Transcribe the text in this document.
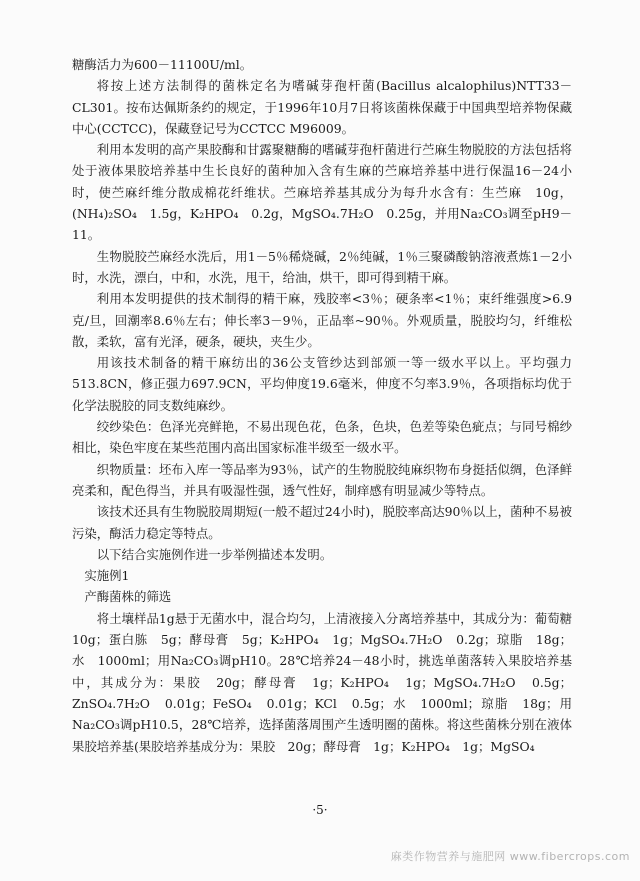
糖酶活力为600－11100U/ml。

将按上述方法制得的菌株定名为嗜碱芽孢杆菌(Bacillus alcalophilus)NTT33－CL301。按布达佩斯条约的规定，于1996年10月7日将该菌株保藏于中国典型培养物保藏中心(CCTCC)，保藏登记号为CCTCC M96009。

利用本发明的高产果胶酶和甘露聚糖酶的嗜碱芽孢杆菌进行苎麻生物脱胶的方法包括将处于液体果胶培养基中生长良好的菌种加入含有生麻的苎麻培养基中进行保温16－24小时，使苎麻纤维分散成棉花纤维状。苎麻培养基其成分为每升水含有：生苎麻　10g，(NH₄)₂SO₄　1.5g，K₂HPO₄　0.2g，MgSO₄.7H₂O　0.25g，并用Na₂CO₃调至pH9－11。

生物脱胶苎麻经水洗后，用1－5％稀烧碱，2％纯碱，1％三聚磷酸钠溶液煮炼1－2小时，水洗，漂白，中和，水洗，甩干，给油，烘干，即可得到精干麻。

利用本发明提供的技术制得的精干麻，残胶率<3％；硬条率<1％；束纤维强度>6.9克/旦，回潮率8.6％左右；伸长率3－9％，正品率~90％。外观质量，脱胶均匀，纤维松散，柔软，富有光泽，硬条，硬块，夹生少。

用该技术制备的精干麻纺出的36公支管纱达到部颁一等一级水平以上。平均强力513.8CN，修正强力697.9CN，平均伸度19.6毫米，伸度不匀率3.9％，各项指标均优于化学法脱胶的同支数纯麻纱。

绞纱染色：色泽光亮鲜艳，不易出现色花，色条，色块，色差等染色疵点；与同号棉纱相比，染色牢度在某些范围内高出国家标准半级至一级水平。

织物质量：坯布入库一等品率为93％，试产的生物脱胶纯麻织物布身挺括似绸，色泽鲜亮柔和，配色得当，并具有吸湿性强，透气性好，制痒感有明显减少等特点。

该技术还具有生物脱胶周期短(一般不超过24小时)，脱胶率高达90％以上，菌种不易被污染，酶活力稳定等特点。

以下结合实施例作进一步举例描述本发明。

实施例1

产酶菌株的筛选

将土壤样品1g悬于无菌水中，混合均匀，上清液接入分离培养基中，其成分为：葡萄糖　10g；蛋白胨　5g；酵母膏　5g；K₂HPO₄　1g；MgSO₄.7H₂O　0.2g；琼脂　18g；水　1000ml；用Na₂CO₃调pH10。28℃培养24－48小时，挑选单菌落转入果胶培养基中，其成分为：果胶　20g；酵母膏　1g；K₂HPO₄　1g；MgSO₄.7H₂O　0.5g；ZnSO₄.7H₂O　0.01g；FeSO₄　0.01g；KCl　0.5g；水　1000ml；琼脂　18g；用Na₂CO₃调pH10.5，28℃培养，选择菌落周围产生透明圈的菌株。将这些菌株分别在液体果胶培养基(果胶培养基成分为：果胶　20g；酵母膏　1g；K₂HPO₄　1g；MgSO₄

·5·
麻类作物营养与施肥网 www.fibercrops.com
